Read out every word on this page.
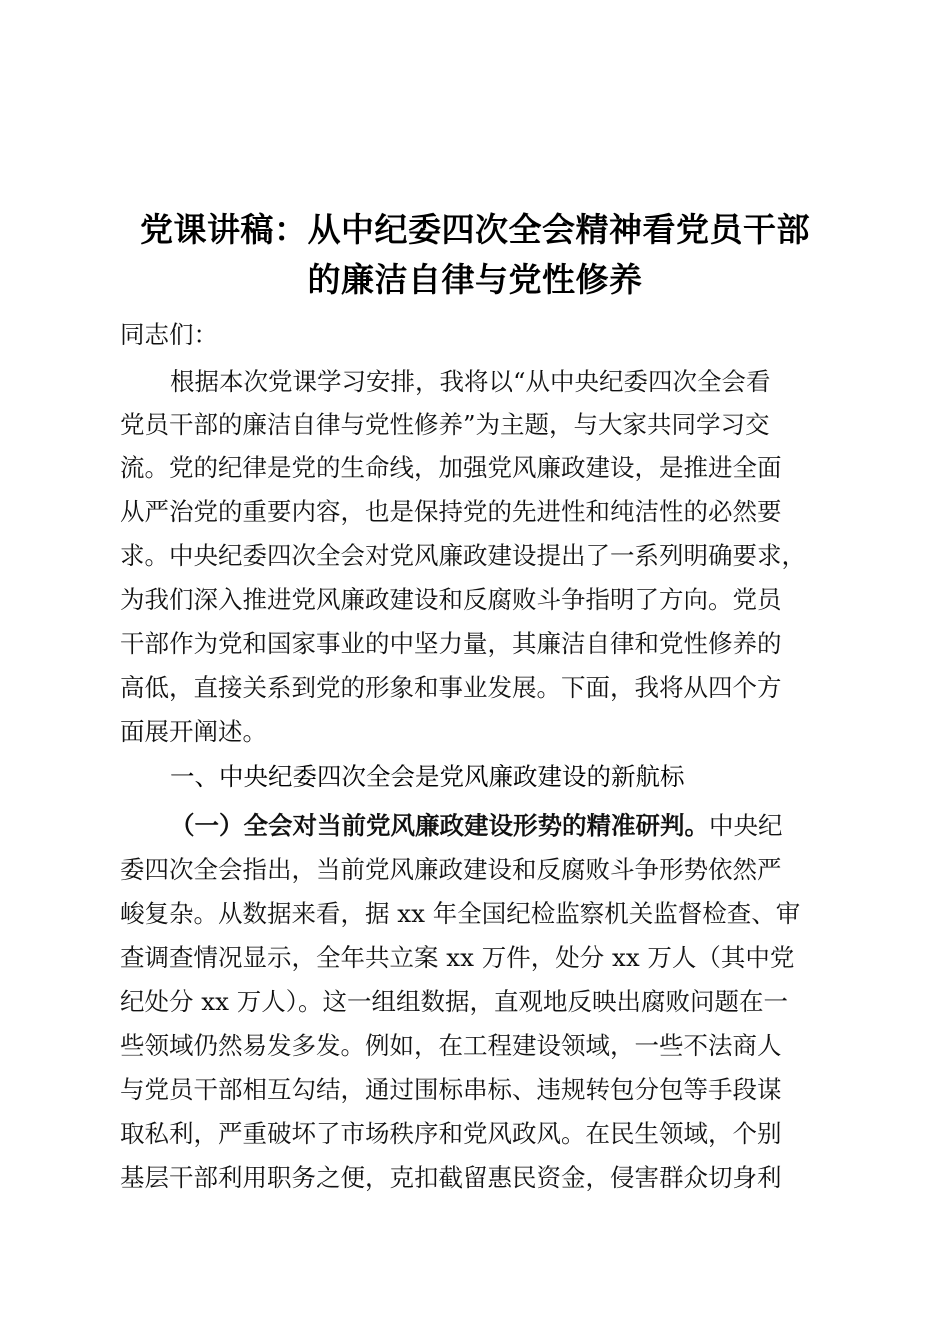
党课讲稿：从中纪委四次全会精神看党员干部
的廉洁自律与党性修养
同志们：
根据本次党课学习安排，我将以“从中央纪委四次全会看
党员干部的廉洁自律与党性修养”为主题，与大家共同学习交
流。党的纪律是党的生命线，加强党风廉政建设，是推进全面
从严治党的重要内容，也是保持党的先进性和纯洁性的必然要
求。中央纪委四次全会对党风廉政建设提出了一系列明确要求，
为我们深入推进党风廉政建设和反腐败斗争指明了方向。党员
干部作为党和国家事业的中坚力量，其廉洁自律和党性修养的
高低，直接关系到党的形象和事业发展。下面，我将从四个方
面展开阐述。
一、中央纪委四次全会是党风廉政建设的新航标
（一）全会对当前党风廉政建设形势的精准研判。中央纪
委四次全会指出，当前党风廉政建设和反腐败斗争形势依然严
峻复杂。从数据来看，据 xx 年全国纪检监察机关监督检查、审
查调查情况显示，全年共立案 xx 万件，处分 xx 万人（其中党
纪处分 xx 万人）。这一组组数据，直观地反映出腐败问题在一
些领域仍然易发多发。例如，在工程建设领域，一些不法商人
与党员干部相互勾结，通过围标串标、违规转包分包等手段谋
取私利，严重破坏了市场秩序和党风政风。在民生领域，个别
基层干部利用职务之便，克扣截留惠民资金，侵害群众切身利
